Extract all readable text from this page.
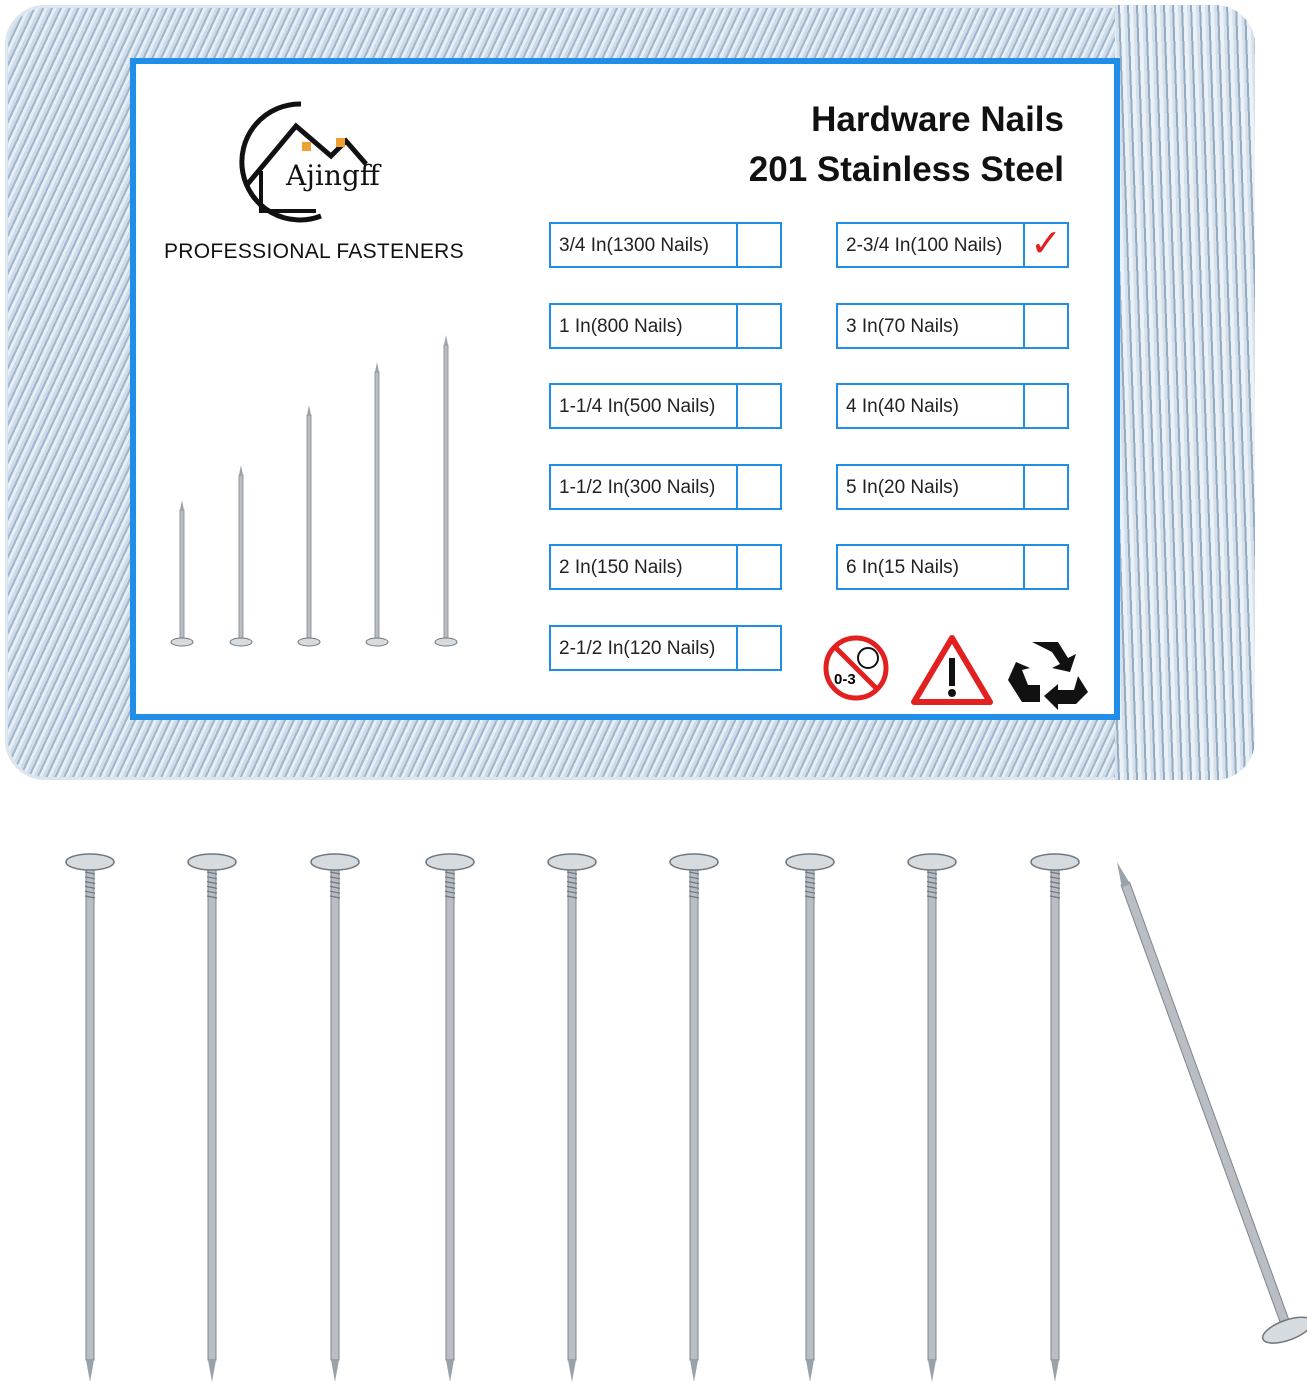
Ajingff
PROFESSIONAL FASTENERS
Hardware Nails
201 Stainless Steel
3/4 In(1300 Nails)
1 In(800 Nails)
1-1/4 In(500 Nails)
1-1/2 In(300 Nails)
2 In(150 Nails)
2-1/2 In(120 Nails)
2-3/4 In(100 Nails) ✓
3 In(70 Nails)
4 In(40 Nails)
5 In(20 Nails)
6 In(15 Nails)
0-3
